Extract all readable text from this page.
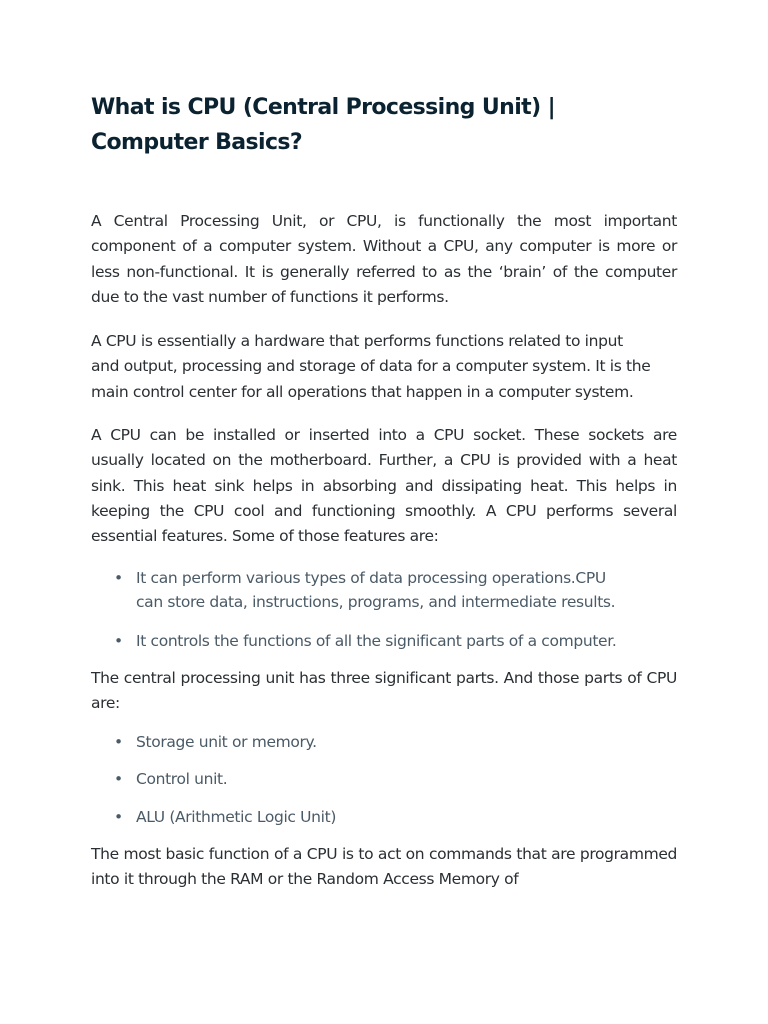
What is CPU (Central Processing Unit) | Computer Basics?

A Central Processing Unit, or CPU, is functionally the most important component of a computer system. Without a CPU, any computer is more or less non-functional. It is generally referred to as the ‘brain’ of the computer due to the vast number of functions it performs.

A CPU is essentially a hardware that performs functions related to input and output, processing and storage of data for a computer system. It is the main control center for all operations that happen in a computer system.

A CPU can be installed or inserted into a CPU socket. These sockets are usually located on the motherboard. Further, a CPU is provided with a heat sink. This heat sink helps in absorbing and dissipating heat. This helps in keeping the CPU cool and functioning smoothly. A CPU performs several essential features. Some of those features are:

• It can perform various types of data processing operations.CPU can store data, instructions, programs, and intermediate results.
• It controls the functions of all the significant parts of a computer.

The central processing unit has three significant parts. And those parts of CPU are:

• Storage unit or memory.
• Control unit.
• ALU (Arithmetic Logic Unit)

The most basic function of a CPU is to act on commands that are programmed into it through the RAM or the Random Access Memory of
